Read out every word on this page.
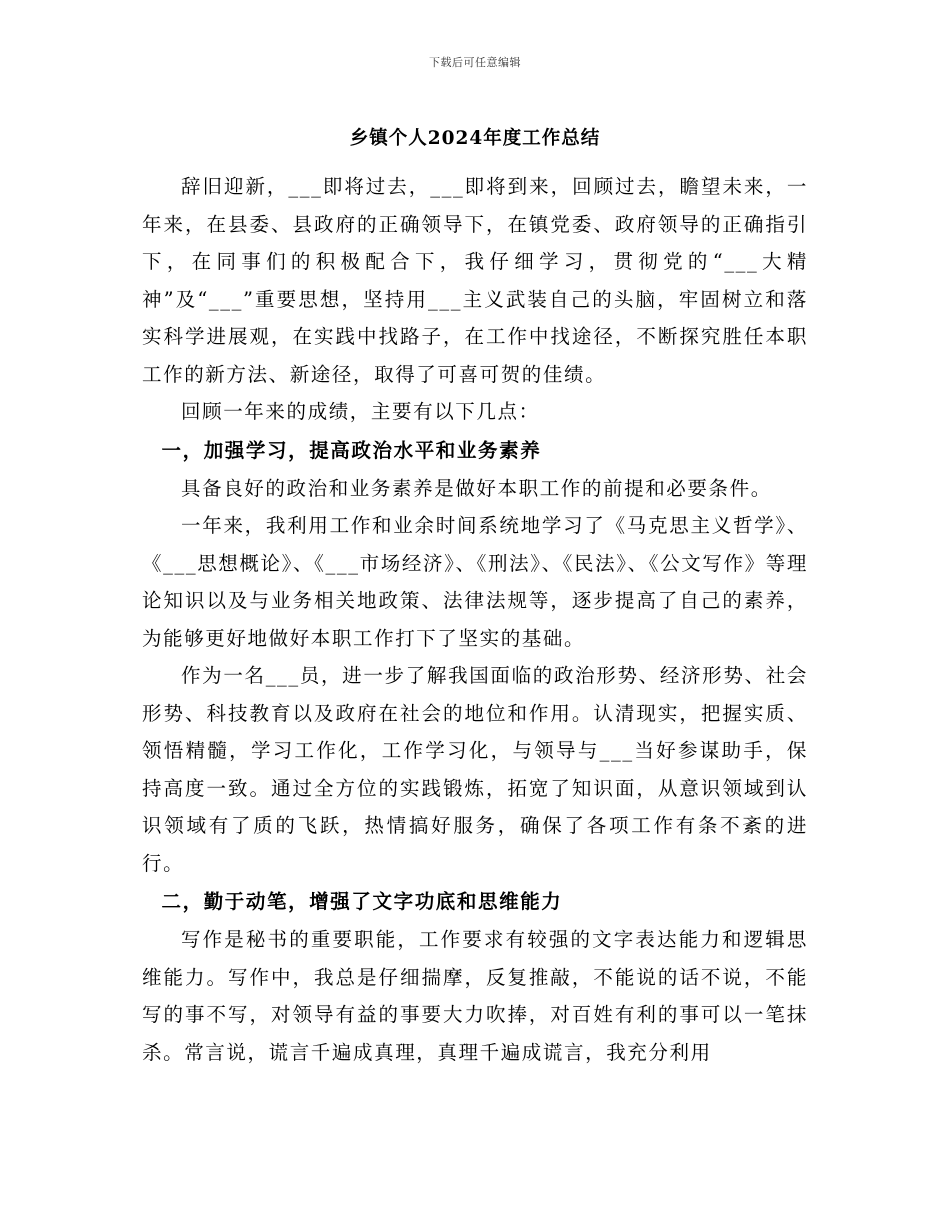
下载后可任意编辑
乡镇个人2024年度工作总结

辞旧迎新，___即将过去，___即将到来，回顾过去，瞻望未来，一年来，在县委、县政府的正确领导下，在镇党委、政府领导的正确指引下，在同事们的积极配合下，我仔细学习，贯彻党的“___大精神”及“___”重要思想，坚持用___主义武装自己的头脑，牢固树立和落实科学进展观，在实践中找路子，在工作中找途径，不断探究胜任本职工作的新方法、新途径，取得了可喜可贺的佳绩。

回顾一年来的成绩，主要有以下几点：

一，加强学习，提高政治水平和业务素养

具备良好的政治和业务素养是做好本职工作的前提和必要条件。

一年来，我利用工作和业余时间系统地学习了《马克思主义哲学》、《___思想概论》、《___市场经济》、《刑法》、《民法》、《公文写作》等理论知识以及与业务相关地政策、法律法规等，逐步提高了自己的素养，为能够更好地做好本职工作打下了坚实的基础。

作为一名___员，进一步了解我国面临的政治形势、经济形势、社会形势、科技教育以及政府在社会的地位和作用。认清现实，把握实质、领悟精髓，学习工作化，工作学习化，与领导与___当好参谋助手，保持高度一致。通过全方位的实践锻炼，拓宽了知识面，从意识领域到认识领域有了质的飞跃，热情搞好服务，确保了各项工作有条不紊的进行。

二，勤于动笔，增强了文字功底和思维能力

写作是秘书的重要职能，工作要求有较强的文字表达能力和逻辑思维能力。写作中，我总是仔细揣摩，反复推敲，不能说的话不说，不能写的事不写，对领导有益的事要大力吹捧，对百姓有利的事可以一笔抹杀。常言说，谎言千遍成真理，真理千遍成谎言，我充分利用
